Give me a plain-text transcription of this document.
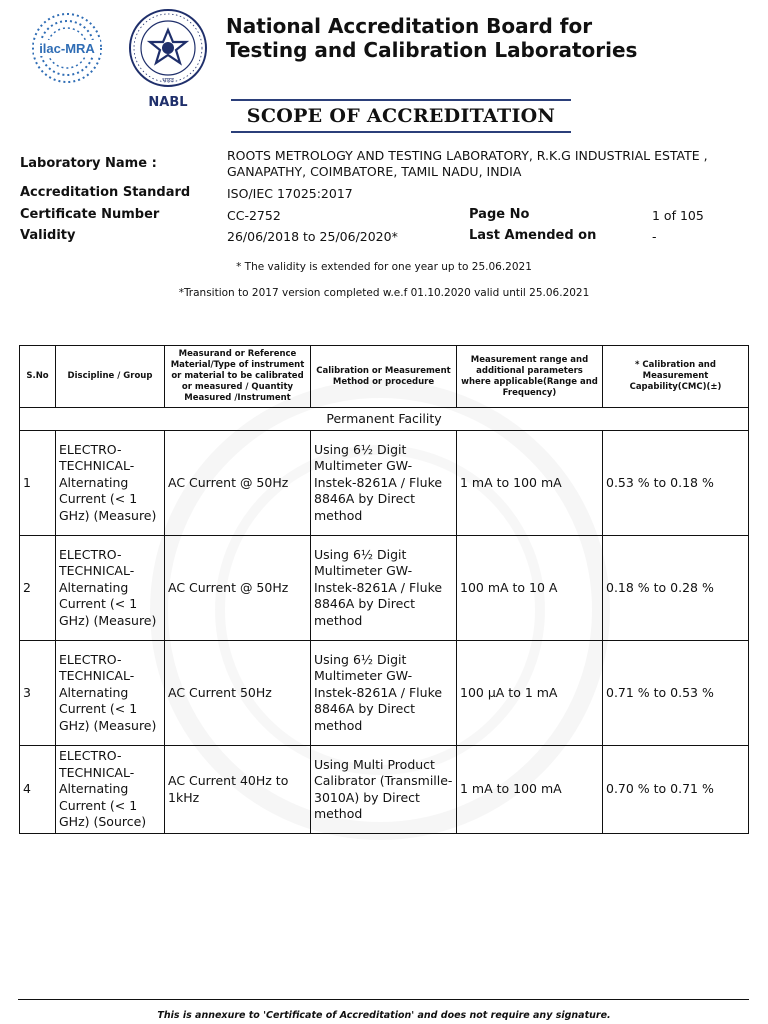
ilac-MRA
भारत
NABL
National Accreditation Board for
Testing and Calibration Laboratories
SCOPE OF ACCREDITATION
Laboratory Name :
ROOTS METROLOGY AND TESTING LABORATORY, R.K.G INDUSTRIAL ESTATE ,
GANAPATHY, COIMBATORE, TAMIL NADU, INDIA
Accreditation Standard	ISO/IEC 17025:2017
Certificate Number	CC-2752	Page No	1 of 105
Validity	26/06/2018 to 25/06/2020*	Last Amended on	-
* The validity is extended for one year up to 25.06.2021
*Transition to 2017 version completed w.e.f 01.10.2020 valid until 25.06.2021
S.No	Discipline / Group	Measurand or Reference Material/Type of instrument or material to be calibrated or measured / Quantity Measured /Instrument	Calibration or Measurement Method or procedure	Measurement range and additional parameters where applicable(Range and Frequency)	* Calibration and Measurement Capability(CMC)(±)
Permanent Facility					
1	ELECTRO-TECHNICAL-Alternating Current (< 1 GHz) (Measure)	AC Current @ 50Hz	Using 6½ Digit Multimeter GW-Instek-8261A / Fluke 8846A by Direct method	1 mA to 100 mA	0.53 % to 0.18 %
2	ELECTRO-TECHNICAL-Alternating Current (< 1 GHz) (Measure)	AC Current @ 50Hz	Using 6½ Digit Multimeter GW-Instek-8261A / Fluke 8846A by Direct method	100 mA to 10 A	0.18 % to 0.28 %
3	ELECTRO-TECHNICAL-Alternating Current (< 1 GHz) (Measure)	AC Current 50Hz	Using 6½ Digit Multimeter GW-Instek-8261A / Fluke 8846A by Direct method	100 µA to 1 mA	0.71 % to 0.53 %
4	ELECTRO-TECHNICAL-Alternating Current (< 1 GHz) (Source)	AC Current 40Hz to 1kHz	Using Multi Product Calibrator (Transmille-3010A) by Direct method	1 mA to 100 mA	0.70 % to 0.71 %
This is annexure to 'Certificate of Accreditation' and does not require any signature.
